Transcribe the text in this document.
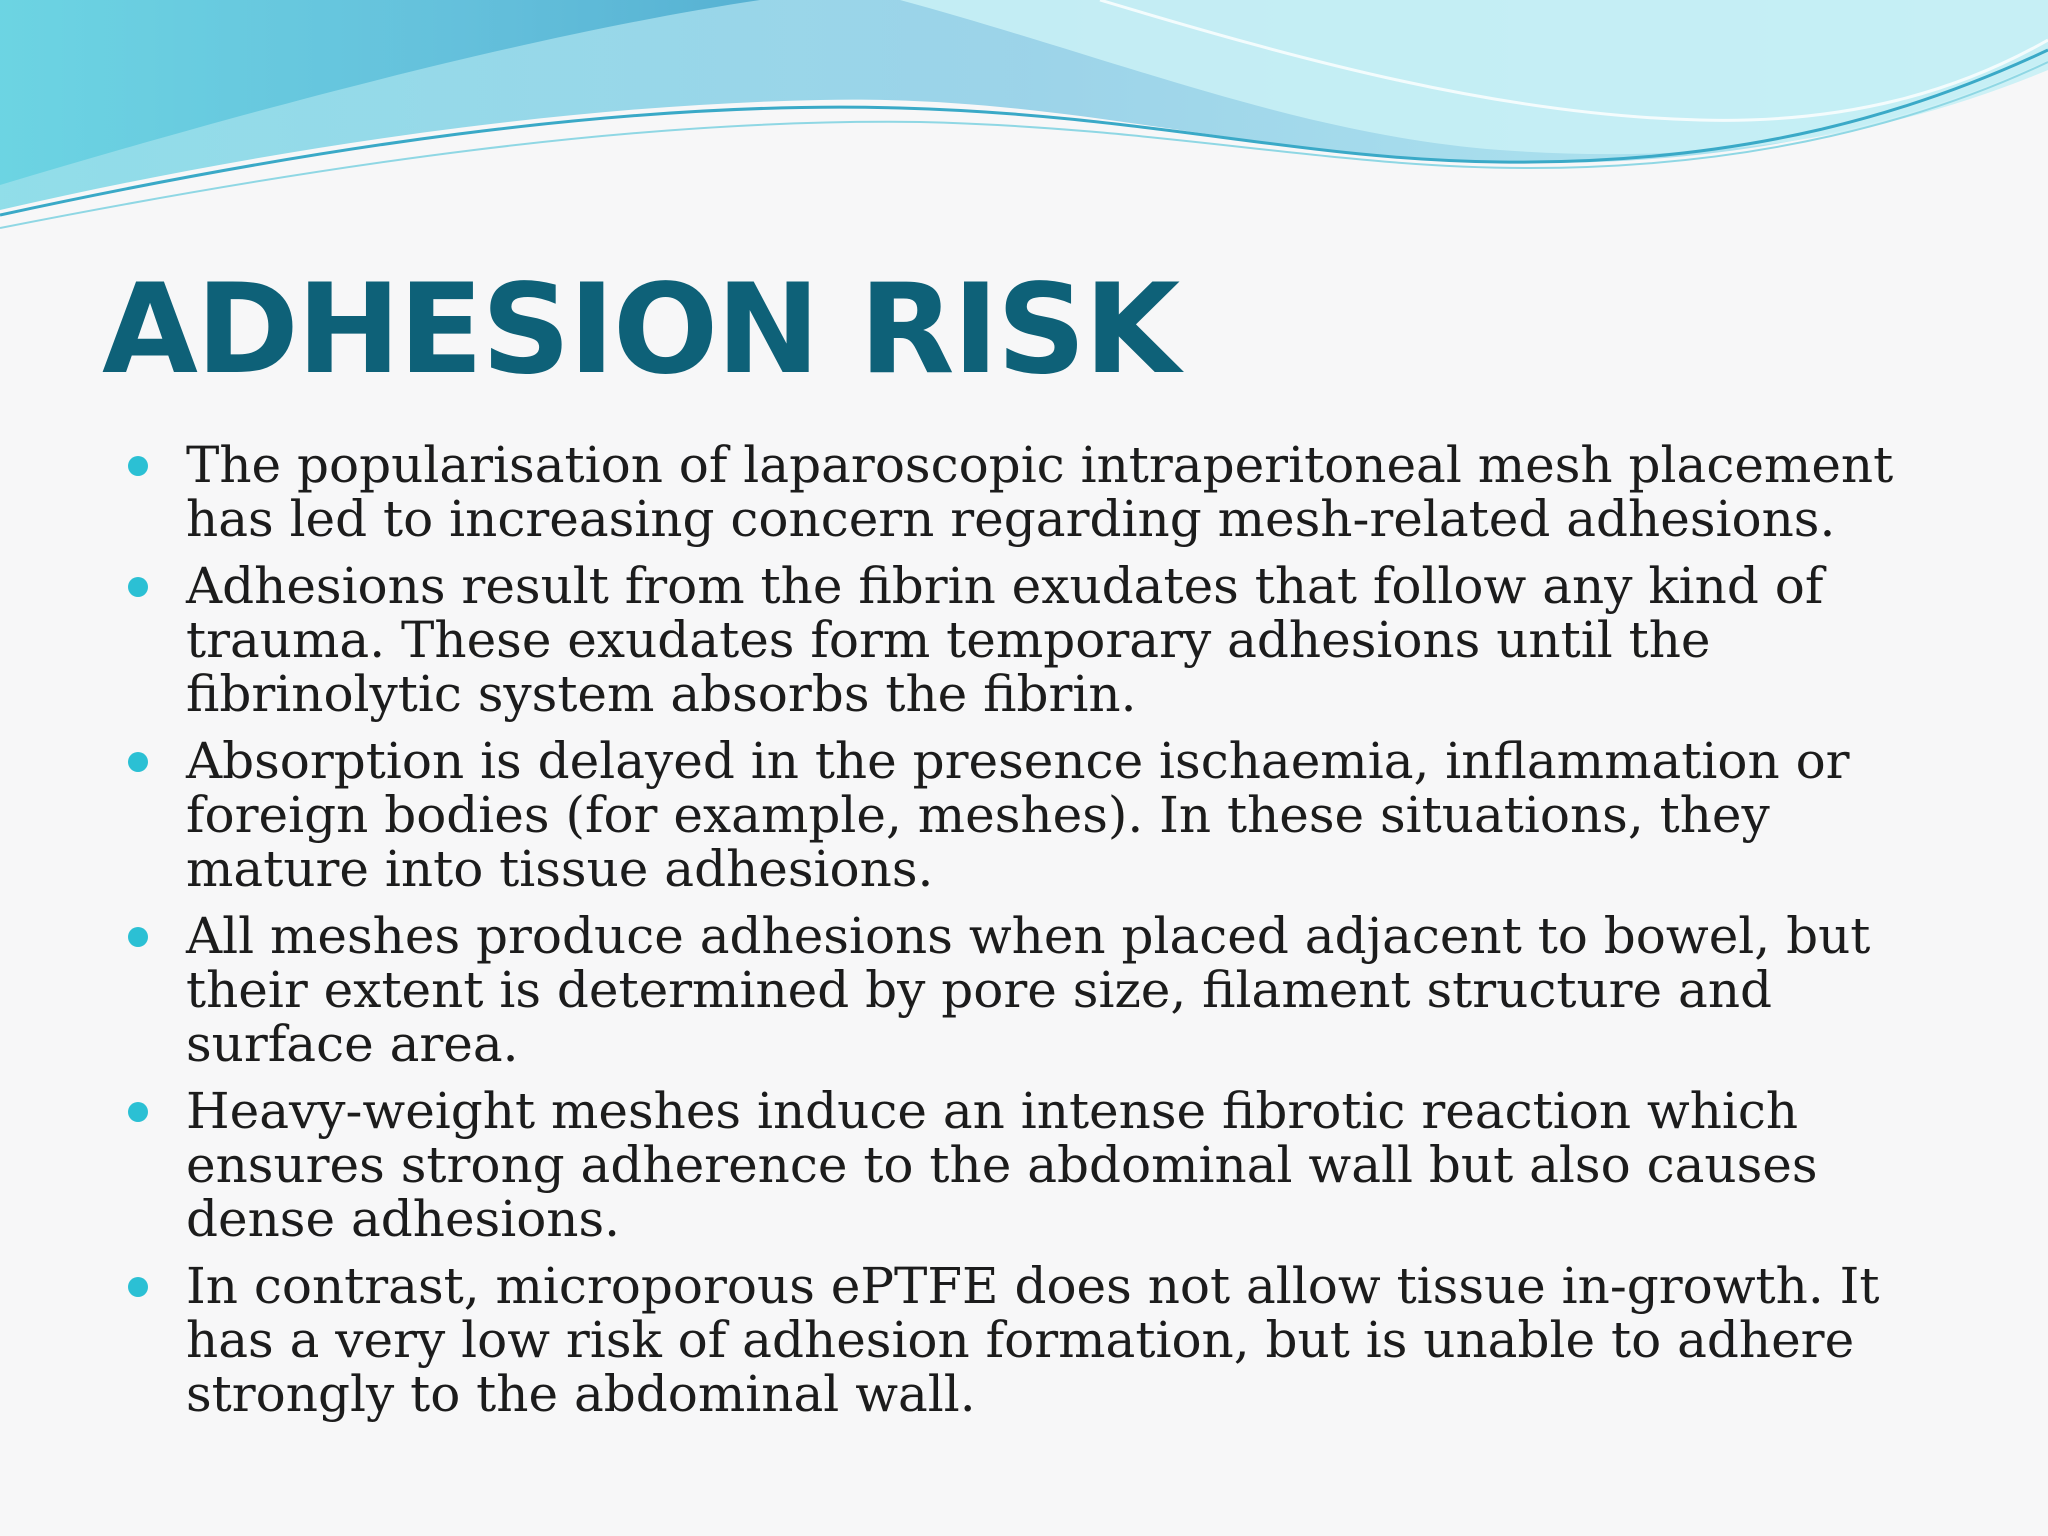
ADHESION RISK
The popularisation of laparoscopic intraperitoneal mesh placement has led to increasing concern regarding mesh-related adhesions.
Adhesions result from the fibrin exudates that follow any kind of trauma. These exudates form temporary adhesions until the fibrinolytic system absorbs the fibrin.
Absorption is delayed in the presence ischaemia, inflammation or foreign bodies (for example, meshes). In these situations, they mature into tissue adhesions.
All meshes produce adhesions when placed adjacent to bowel, but their extent is determined by pore size, filament structure and surface area.
Heavy-weight meshes induce an intense fibrotic reaction which ensures strong adherence to the abdominal wall but also causes dense adhesions.
In contrast, microporous ePTFE does not allow tissue in-growth. It has a very low risk of adhesion formation, but is unable to adhere strongly to the abdominal wall.
